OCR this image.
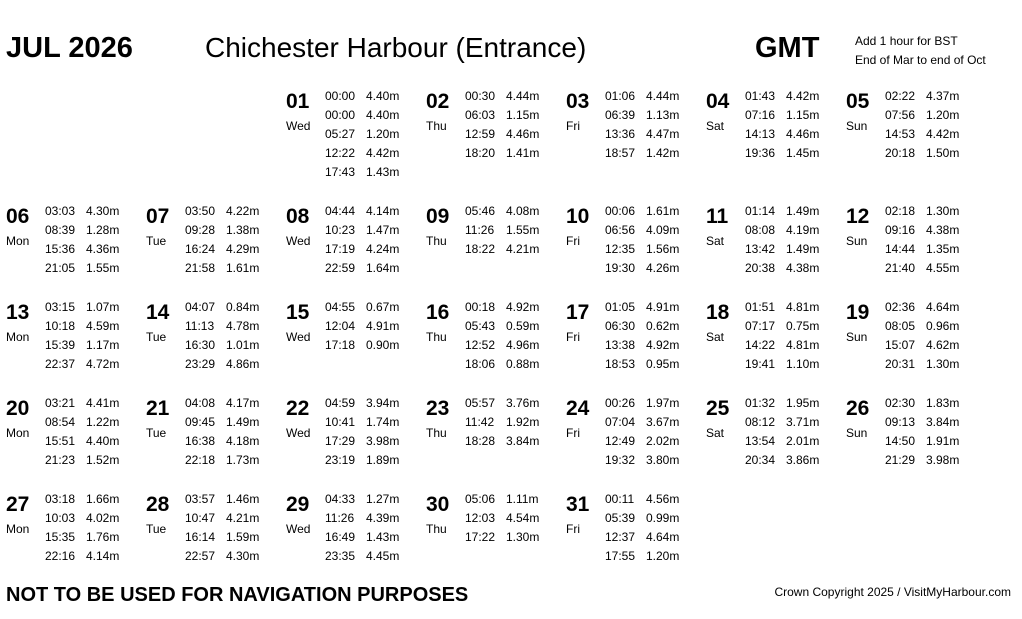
JUL 2026	Chichester Harbour (Entrance)	GMT	Add 1 hour for BST
End of Mar to end of Oct
01
Wed
00:00 4.40m
00:00 4.40m
05:27 1.20m
12:22 4.42m
17:43 1.43m
02
Thu
00:30 4.44m
06:03 1.15m
12:59 4.46m
18:20 1.41m
03
Fri
01:06 4.44m
06:39 1.13m
13:36 4.47m
18:57 1.42m
04
Sat
01:43 4.42m
07:16 1.15m
14:13 4.46m
19:36 1.45m
05
Sun
02:22 4.37m
07:56 1.20m
14:53 4.42m
20:18 1.50m
06
Mon
03:03 4.30m
08:39 1.28m
15:36 4.36m
21:05 1.55m
07
Tue
03:50 4.22m
09:28 1.38m
16:24 4.29m
21:58 1.61m
08
Wed
04:44 4.14m
10:23 1.47m
17:19 4.24m
22:59 1.64m
09
Thu
05:46 4.08m
11:26 1.55m
18:22 4.21m
10
Fri
00:06 1.61m
06:56 4.09m
12:35 1.56m
19:30 4.26m
11
Sat
01:14 1.49m
08:08 4.19m
13:42 1.49m
20:38 4.38m
12
Sun
02:18 1.30m
09:16 4.38m
14:44 1.35m
21:40 4.55m
13
Mon
03:15 1.07m
10:18 4.59m
15:39 1.17m
22:37 4.72m
14
Tue
04:07 0.84m
11:13 4.78m
16:30 1.01m
23:29 4.86m
15
Wed
04:55 0.67m
12:04 4.91m
17:18 0.90m
16
Thu
00:18 4.92m
05:43 0.59m
12:52 4.96m
18:06 0.88m
17
Fri
01:05 4.91m
06:30 0.62m
13:38 4.92m
18:53 0.95m
18
Sat
01:51 4.81m
07:17 0.75m
14:22 4.81m
19:41 1.10m
19
Sun
02:36 4.64m
08:05 0.96m
15:07 4.62m
20:31 1.30m
20
Mon
03:21 4.41m
08:54 1.22m
15:51 4.40m
21:23 1.52m
21
Tue
04:08 4.17m
09:45 1.49m
16:38 4.18m
22:18 1.73m
22
Wed
04:59 3.94m
10:41 1.74m
17:29 3.98m
23:19 1.89m
23
Thu
05:57 3.76m
11:42 1.92m
18:28 3.84m
24
Fri
00:26 1.97m
07:04 3.67m
12:49 2.02m
19:32 3.80m
25
Sat
01:32 1.95m
08:12 3.71m
13:54 2.01m
20:34 3.86m
26
Sun
02:30 1.83m
09:13 3.84m
14:50 1.91m
21:29 3.98m
27
Mon
03:18 1.66m
10:03 4.02m
15:35 1.76m
22:16 4.14m
28
Tue
03:57 1.46m
10:47 4.21m
16:14 1.59m
22:57 4.30m
29
Wed
04:33 1.27m
11:26 4.39m
16:49 1.43m
23:35 4.45m
30
Thu
05:06 1.11m
12:03 4.54m
17:22 1.30m
31
Fri
00:11 4.56m
05:39 0.99m
12:37 4.64m
17:55 1.20m
NOT TO BE USED FOR NAVIGATION PURPOSES	Crown Copyright 2025 / VisitMyHarbour.com
